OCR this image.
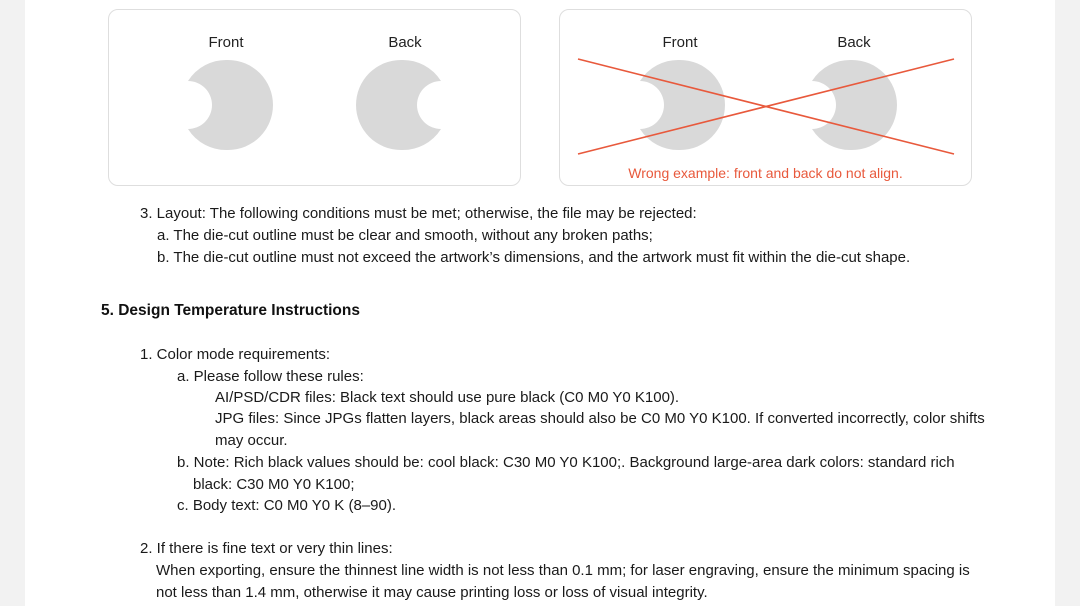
Front	Back	Front	Back
Wrong example: front and back do not align.
3. Layout: The following conditions must be met; otherwise, the file may be rejected:
a. The die-cut outline must be clear and smooth, without any broken paths;
b. The die-cut outline must not exceed the artwork’s dimensions, and the artwork must fit within the die-cut shape.
5. Design Temperature Instructions
1. Color mode requirements:
a. Please follow these rules:
AI/PSD/CDR files: Black text should use pure black (C0 M0 Y0 K100).
JPG files: Since JPGs flatten layers, black areas should also be C0 M0 Y0 K100. If converted incorrectly, color shifts
may occur.
b. Note: Rich black values should be: cool black: C30 M0 Y0 K100;. Background large-area dark colors: standard rich
black: C30 M0 Y0 K100;
c. Body text: C0 M0 Y0 K (8–90).
2. If there is fine text or very thin lines:
When exporting, ensure the thinnest line width is not less than 0.1 mm; for laser engraving, ensure the minimum spacing is
not less than 1.4 mm, otherwise it may cause printing loss or loss of visual integrity.
